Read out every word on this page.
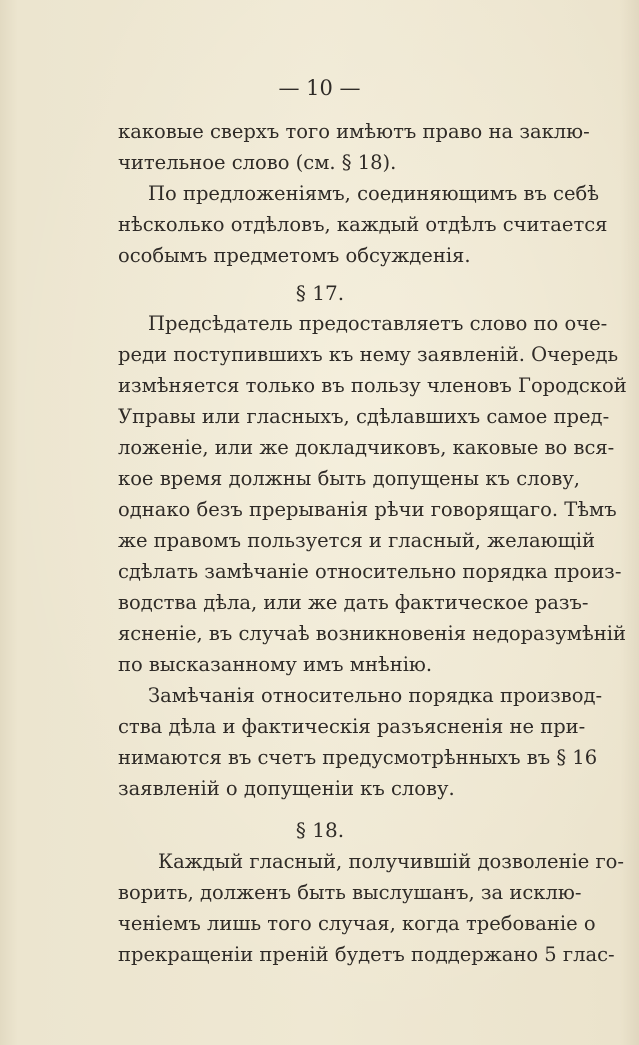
— 10 —
каковые сверхъ того имѣютъ право на заклю-
чительное слово (см. § 18).
По предложеніямъ, соединяющимъ въ себѣ
нѣсколько отдѣловъ, каждый отдѣлъ считается
особымъ предметомъ обсужденія.
§ 17.
Предсѣдатель предоставляетъ слово по оче-
реди поступившихъ къ нему заявленій. Очередь
измѣняется только въ пользу членовъ Городской
Управы или гласныхъ, сдѣлавшихъ самое пред-
ложеніе, или же докладчиковъ, каковые во вся-
кое время должны быть допущены къ слову,
однако безъ прерыванія рѣчи говорящаго. Тѣмъ
же правомъ пользуется и гласный, желающій
сдѣлать замѣчаніе относительно порядка произ-
водства дѣла, или же дать фактическое разъ-
ясненіе, въ случаѣ возникновенія недоразумѣній
по высказанному имъ мнѣнію.
Замѣчанія относительно порядка производ-
ства дѣла и фактическія разъясненія не при-
нимаются въ счетъ предусмотрѣнныхъ въ § 16
заявленій о допущеніи къ слову.
§ 18.
Каждый гласный, получившій дозволеніе го-
ворить, долженъ быть выслушанъ, за исклю-
ченіемъ лишь того случая, когда требованіе о
прекращеніи преній будетъ поддержано 5 глас-
